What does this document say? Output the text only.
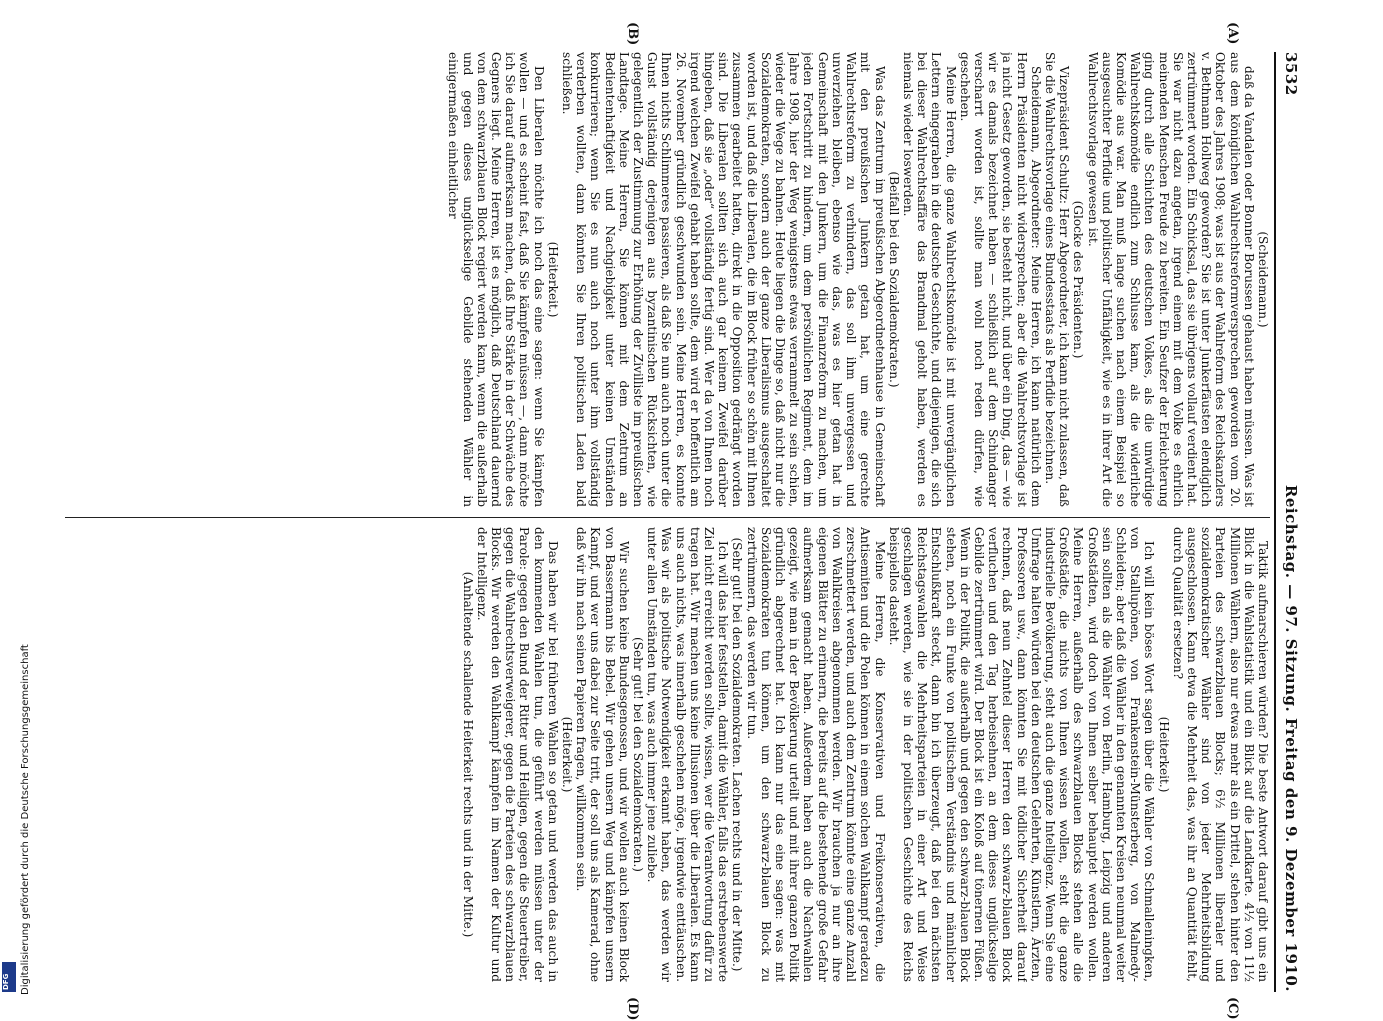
3532
Reichstag. — 97. Sitzung. Freitag den 9. Dezember 1910.
(A)
(B)
(C)
(D)

(Scheidemann.)

daß da Vandalen oder Bonner Borussen gehaust haben müssen. Was ist aus dem königlichen Wahlrechtsreformversprechen geworden vom 20. Oktober des Jahres 1908; was ist aus der Wahlreform des Reichskanzlers v. Bethmann Hollweg geworden? Sie ist unter Junkerfäusten elendiglich zertrümmert worden. Ein Schicksal, das sie übrigens vollauf verdient hat. Sie war nicht dazu angetan, irgend einem mit dem Volke es ehrlich meinenden Menschen Freude zu bereiten. Ein Seufzer der Erleichterung ging durch alle Schichten des deutschen Volkes, als die unwürdige Wahlrechtskomödie endlich zum Schlusse kam, als die widerliche Komödie aus war. Man muß lange suchen nach einem Beispiel so ausgesuchter Perfidie und politischer Unfähigkeit, wie es in ihrer Art die Wahlrechtsvorlage gewesen ist.

(Glocke des Präsidenten.)

Vizepräsident Schultz: Herr Abgeordneter, ich kann nicht zulassen, daß Sie die Wahlrechtsvorlage eines Bundesstaats als Perfidie bezeichnen.

Scheidemann, Abgeordneter: Meine Herren, ich kann natürlich dem Herrn Präsidenten nicht widersprechen; aber die Wahlrechtsvorlage ist ja nicht Gesetz geworden, sie besteht nicht, und über ein Ding, das — wie wir es damals bezeichnet haben — schließlich auf dem Schindanger verscharrt worden ist, sollte man wohl noch reden dürfen, wie geschehen.

Meine Herren, die ganze Wahlrechtskomödie ist mit unvergänglichen Lettern eingegraben in die deutsche Geschichte, und diejenigen, die sich bei dieser Wahlrechtsaffäre das Brandmal geholt haben, werden es niemals wieder loswerden.

(Beifall bei den Sozialdemokraten.)

Was das Zentrum im preußischen Abgeordnetenhause in Gemeinschaft mit den preußischen Junkern getan hat, um eine gerechte Wahlrechtsreform zu verhindern, das soll ihm unvergessen und unverziehen bleiben, ebenso wie das, was es hier getan hat in Gemeinschaft mit den Junkern, um die Finanzreform zu machen, um jeden Fortschritt zu hindern, um dem persönlichen Regiment, dem im Jahre 1908, hier der Weg wenigstens etwas verrammelt zu sein schien, wieder die Wege zu bahnen. Heute liegen die Dinge so, daß nicht nur die Sozialdemokraten, sondern auch der ganze Liberalismus ausgeschaltet worden ist, und daß die Liberalen, die im Block früher so schön mit Ihnen zusammen gearbeitet hatten, direkt in die Opposition gedrängt worden sind. Die Liberalen sollten sich auch gar keinem Zweifel darüber hingeben, daß sie „oder“ vollständig fertig sind. Wer da von Ihnen noch irgend welchen Zweifel gehabt haben sollte, dem wird er hoffentlich am 26. November gründlich geschwunden sein. Meine Herren, es konnte Ihnen nichts Schlimmeres passieren, als daß Sie nun auch noch unter die Gunst vollständig derjenigen aus byzantinischen Rücksichten, wie gelegentlich der Zustimmung zur Erhöhung der Zivilliste im preußischen Landtage. Meine Herren, Sie können mit dem Zentrum an Bedientenhaftigkeit und Nachgiebigkeit unter keinen Umständen konkurrieren; wenn Sie es nun auch noch unter ihm vollständig verderben wollten, dann könnten Sie Ihren politischen Laden bald schließen.

(Heiterkeit.)

Den Liberalen möchte ich noch das eine sagen: wenn Sie kämpfen wollen — und es scheint fast, daß Sie kämpfen müssen —, dann möchte ich Sie darauf aufmerksam machen, daß Ihre Stärke in der Schwäche des Gegners liegt. Meine Herren, ist es möglich, daß Deutschland dauernd von dem schwarzblauen Block regiert werden kann, wenn die außerhalb und gegen dieses unglückselige Gebilde stehenden Wähler in einigermaßen einheitlicher

Taktik aufmarschieren würden? Die beste Antwort darauf gibt uns ein Blick in die Wahlstatistik und ein Blick auf die Landkarte. 4½ von 11½ Millionen Wählern, also nur etwas mehr als ein Drittel, stehen hinter den Parteien des schwarzblauen Blocks; 6½ Millionen liberaler und sozialdemokratischer Wähler sind von jeder Mehrheitsbildung ausgeschlossen. Kann etwa die Mehrheit das, was ihr an Quantität fehlt, durch Qualität ersetzen?

(Heiterkeit.)

Ich will kein böses Wort sagen über die Wähler von Schmalleningken, von Stallupönen, von Frankenstein-Münsterberg, von Malmedy-Schleiden; aber daß die Wähler in den genannten Kreisen neunmal weiter sein sollten als die Wähler von Berlin, Hamburg, Leipzig und anderen Großstädten, wird doch von Ihnen selber behauptet werden wollen. Meine Herren, außerhalb des schwarzblauen Blocks stehen alle die Großstädte, die nichts von Ihnen wissen wollen, steht die ganze industrielle Bevölkerung, steht auch die ganze Intelligenz. Wenn Sie eine Umfrage halten würden bei den deutschen Gelehrten, Künstlern, Ärzten, Professoren usw., dann könnten Sie mit tödlicher Sicherheit darauf rechnen, daß neun Zehntel dieser Herren den schwarz-blauen Block verfluchen und den Tag herbeisehnen, an dem dieses unglückselige Gebilde zertrümmert wird. Der Block ist ein Koloß auf tönernen Füßen. Wenn in der Politik, die außerhalb und gegen den schwarz-blauen Block stehen, noch ein Funke von politischem Verständnis und männlicher Entschlußkraft steckt, dann bin ich überzeugt, daß bei den nächsten Reichstagswahlen die Mehrheitsparteien in einer Art und Weise geschlagen werden, wie sie in der politischen Geschichte des Reichs beispiellos dasteht.

Meine Herren, die Konservativen und Freikonservativen, die Antisemiten und die Polen können in einem solchen Wahlkampf geradezu zerschmettert werden, und auch dem Zentrum könnte eine ganze Anzahl von Wahlkreisen abgenommen werden. Wir brauchen ja nur an ihre eigenen Blätter zu erinnern, die bereits auf die bestehende große Gefahr aufmerksam gemacht haben. Außerdem haben auch die Nachwahlen gezeigt, wie man in der Bevölkerung urteilt und mit ihrer ganzen Politik gründlich abgerechnet hat. Ich kann nur das eine sagen: was mit Sozialdemokraten tun können, um den schwarz-blauen Block zu zertrümmern, das werden wir tun.

(Sehr gut! bei den Sozialdemokraten. Lachen rechts und in der Mitte.)

Ich will das hier feststellen, damit die Wähler, falls das erstrebenswerte Ziel nicht erreicht werden sollte, wissen, wer die Verantwortung dafür zu tragen hat. Wir machen uns keine Illusionen über die Liberalen. Es kann uns auch nichts, was innerhalb geschehen möge, irgendwie enttäuschen. Was wir als politische Notwendigkeit erkannt haben, das werden wir unter allen Umständen tun, was auch immer jene zuliebe.

(Sehr gut! bei den Sozialdemokraten.)

Wir suchen keine Bundesgenossen, und wir wollen auch keinen Block von Bassermann bis Bebel. Wir gehen unsern Weg und kämpfen unsern Kampf, und wer uns dabei zur Seite tritt, der soll uns als Kamerad, ohne daß wir ihn nach seinen Papieren fragen, willkommen sein.

(Heiterkeit.)

Das haben wir bei früheren Wahlen so getan und werden das auch in den kommenden Wahlen tun, die geführt werden müssen unter der Parole: gegen den Bund der Ritter und Heiligen, gegen die Steuertreiber, gegen die Wahlrechtsverweigerer, gegen die Parteien des schwarzblauen Blocks. Wir werden den Wahlkampf kämpfen im Namen der Kultur und der Intelligenz.

(Anhaltende schallende Heiterkeit rechts und in der Mitte.)

Digitalisierung gefördert durch die Deutsche Forschungsgemeinschaft
DFG
